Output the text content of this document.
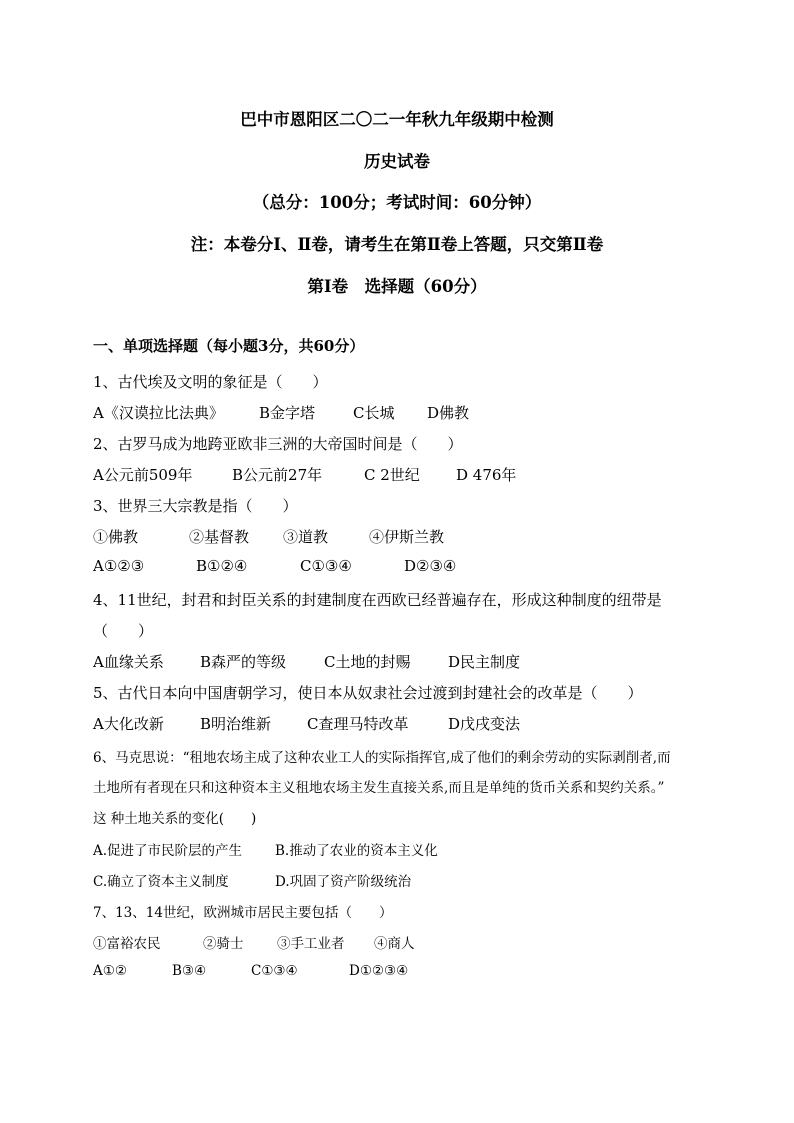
巴中市恩阳区二〇二一年秋九年级期中检测
历史试卷
（总分：100分；考试时间：60分钟）
注：本卷分Ⅰ、Ⅱ卷，请考生在第Ⅱ卷上答题，只交第Ⅱ卷
第Ⅰ卷　选择题（60分）
一、单项选择题（每小题3分，共60分）
1、古代埃及文明的象征是（　　）
A《汉谟拉比法典》 B金字塔	C长城 D佛教
2、古罗马成为地跨亚欧非三洲的大帝国时间是（　　）
A公元前509年	B公元前27年	C 2世纪 D 476年
3、世界三大宗教是指（　　）
①佛教	②基督教 ③道教	④伊斯兰教
A①②③	B①②④	C①③④	D②③④
4、11世纪，封君和封臣关系的封建制度在西欧已经普遍存在，形成这种制度的纽带是
（　　）
A血缘关系 B森严的等级	C土地的封赐	D民主制度
5、古代日本向中国唐朝学习，使日本从奴隶社会过渡到封建社会的改革是（　　）
A大化改新 B明治维新 C查理马特改革	D戊戌变法
6、马克思说：“租地农场主成了这种农业工人的实际指挥官,成了他们的剩余劳动的实际剥削者,而
土地所有者现在只和这种资本主义租地农场主发生直接关系,而且是单纯的货币关系和契约关系。”
这 种土地关系的变化(　　)
A.促进了市民阶层的产生 B.推动了农业的资本主义化
C.确立了资本主义制度	D.巩固了资产阶级统治
7、13、14世纪，欧洲城市居民主要包括（　　）
①富裕农民	②骑士 ③手工业者 ④商人
A①②	B③④	C①③④	D①②③④
